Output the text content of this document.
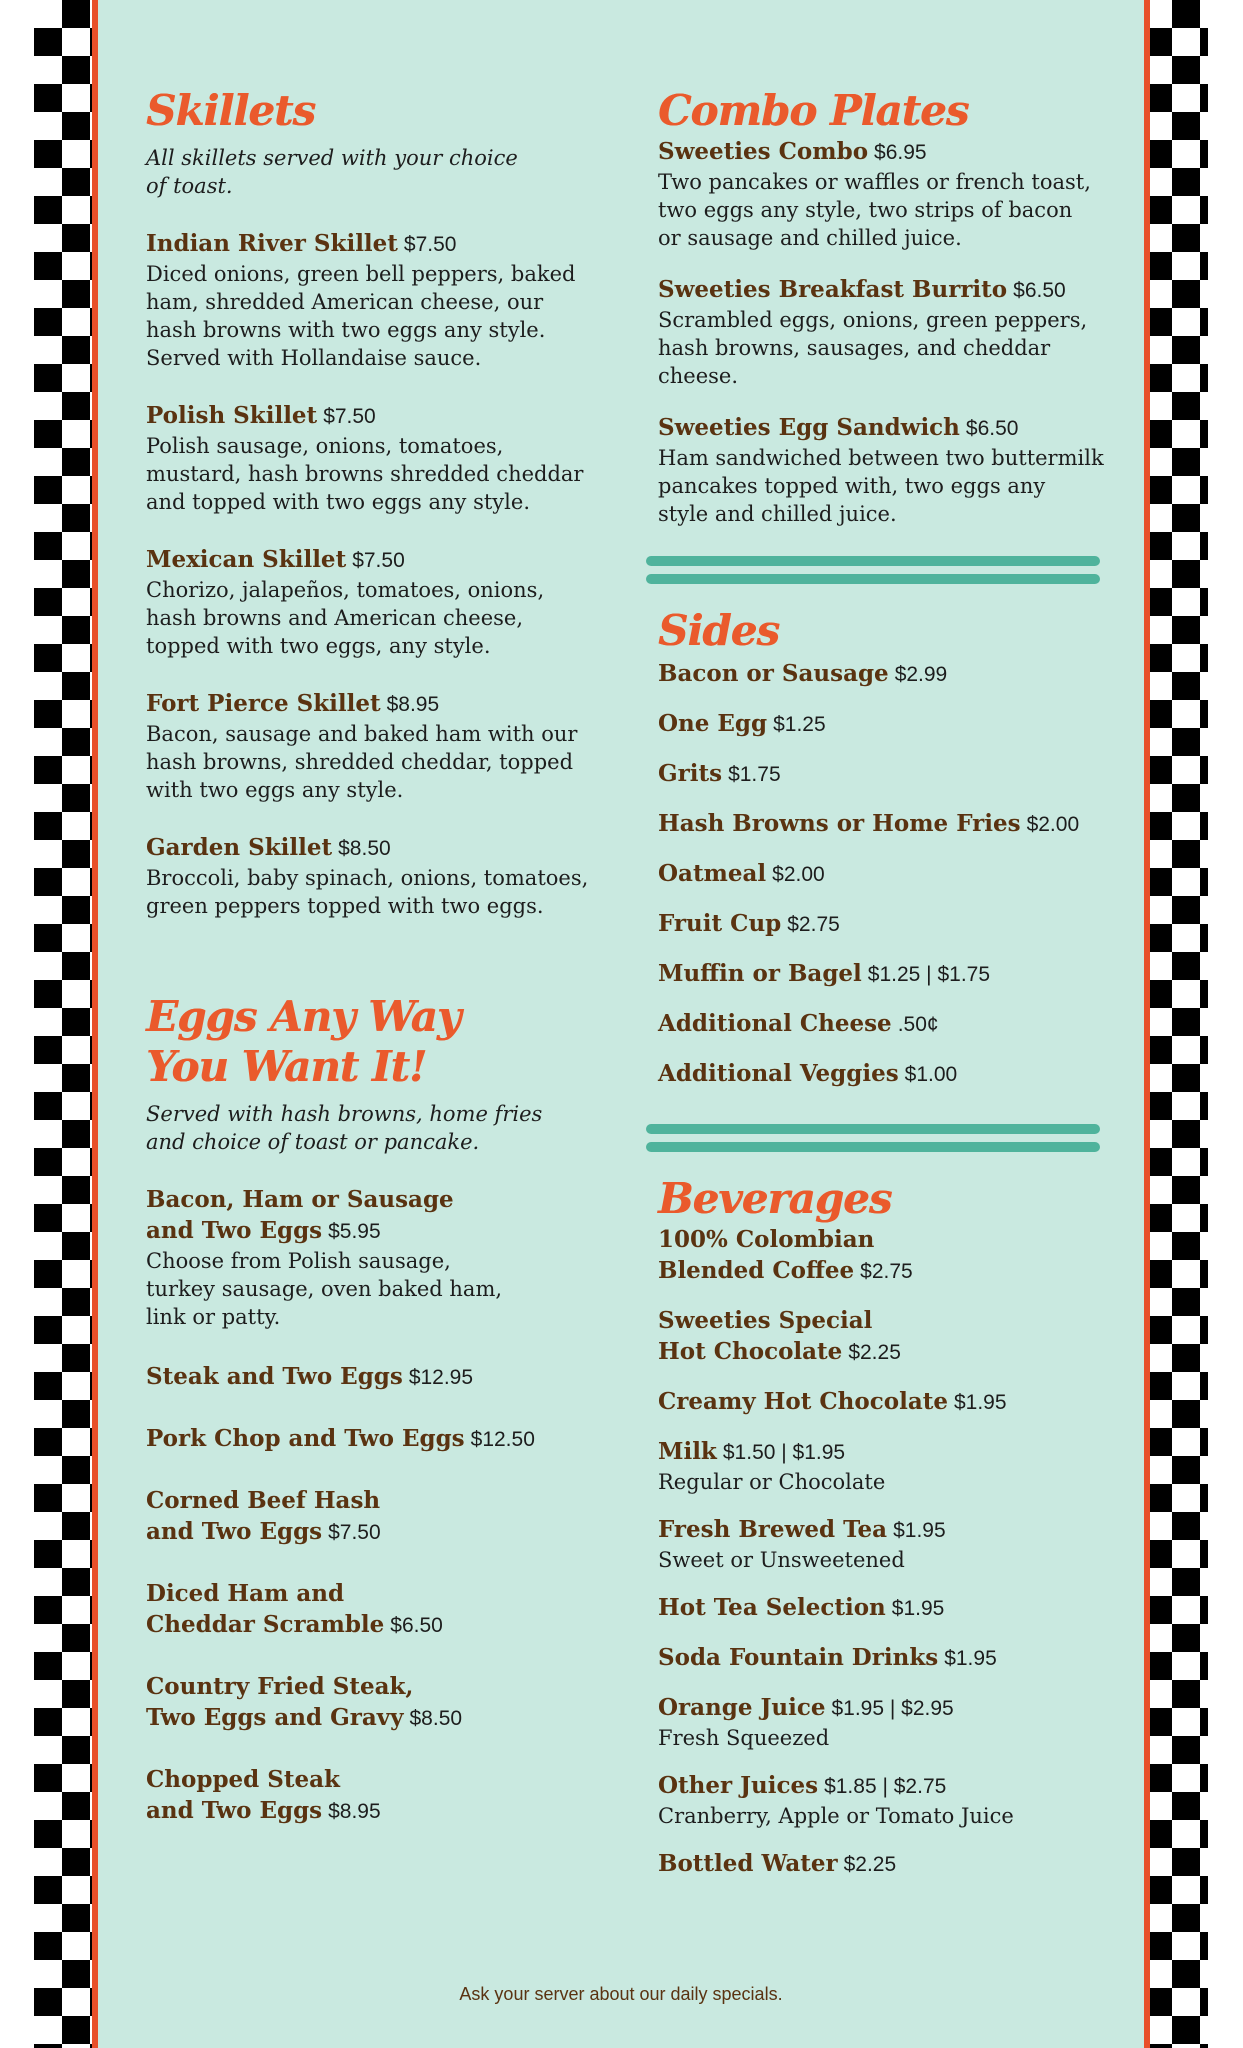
Skillets
All skillets served with your choice
of toast.
Indian River Skillet $7.50
Diced onions, green bell peppers, baked
ham, shredded American cheese, our
hash browns with two eggs any style.
Served with Hollandaise sauce.
Polish Skillet $7.50
Polish sausage, onions, tomatoes,
mustard, hash browns shredded cheddar
and topped with two eggs any style.
Mexican Skillet $7.50
Chorizo, jalapeños, tomatoes, onions,
hash browns and American cheese,
topped with two eggs, any style.
Fort Pierce Skillet $8.95
Bacon, sausage and baked ham with our
hash browns, shredded cheddar, topped
with two eggs any style.
Garden Skillet $8.50
Broccoli, baby spinach, onions, tomatoes,
green peppers topped with two eggs.
Eggs Any Way
You Want It!
Served with hash browns, home fries
and choice of toast or pancake.
Bacon, Ham or Sausage
and Two Eggs $5.95
Choose from Polish sausage,
turkey sausage, oven baked ham,
link or patty.
Steak and Two Eggs $12.95
Pork Chop and Two Eggs $12.50
Corned Beef Hash
and Two Eggs $7.50
Diced Ham and
Cheddar Scramble $6.50
Country Fried Steak,
Two Eggs and Gravy $8.50
Chopped Steak
and Two Eggs $8.95
Combo Plates
Sweeties Combo $6.95
Two pancakes or waffles or french toast,
two eggs any style, two strips of bacon
or sausage and chilled juice.
Sweeties Breakfast Burrito $6.50
Scrambled eggs, onions, green peppers,
hash browns, sausages, and cheddar
cheese.
Sweeties Egg Sandwich $6.50
Ham sandwiched between two buttermilk
pancakes topped with, two eggs any
style and chilled juice.
Sides
Bacon or Sausage $2.99
One Egg $1.25
Grits $1.75
Hash Browns or Home Fries $2.00
Oatmeal $2.00
Fruit Cup $2.75
Muffin or Bagel $1.25 | $1.75
Additional Cheese .50¢
Additional Veggies $1.00
Beverages
100% Colombian
Blended Coffee $2.75
Sweeties Special
Hot Chocolate $2.25
Creamy Hot Chocolate $1.95
Milk $1.50 | $1.95
Regular or Chocolate
Fresh Brewed Tea $1.95
Sweet or Unsweetened
Hot Tea Selection $1.95
Soda Fountain Drinks $1.95
Orange Juice $1.95 | $2.95
Fresh Squeezed
Other Juices $1.85 | $2.75
Cranberry, Apple or Tomato Juice
Bottled Water $2.25
Ask your server about our daily specials.
